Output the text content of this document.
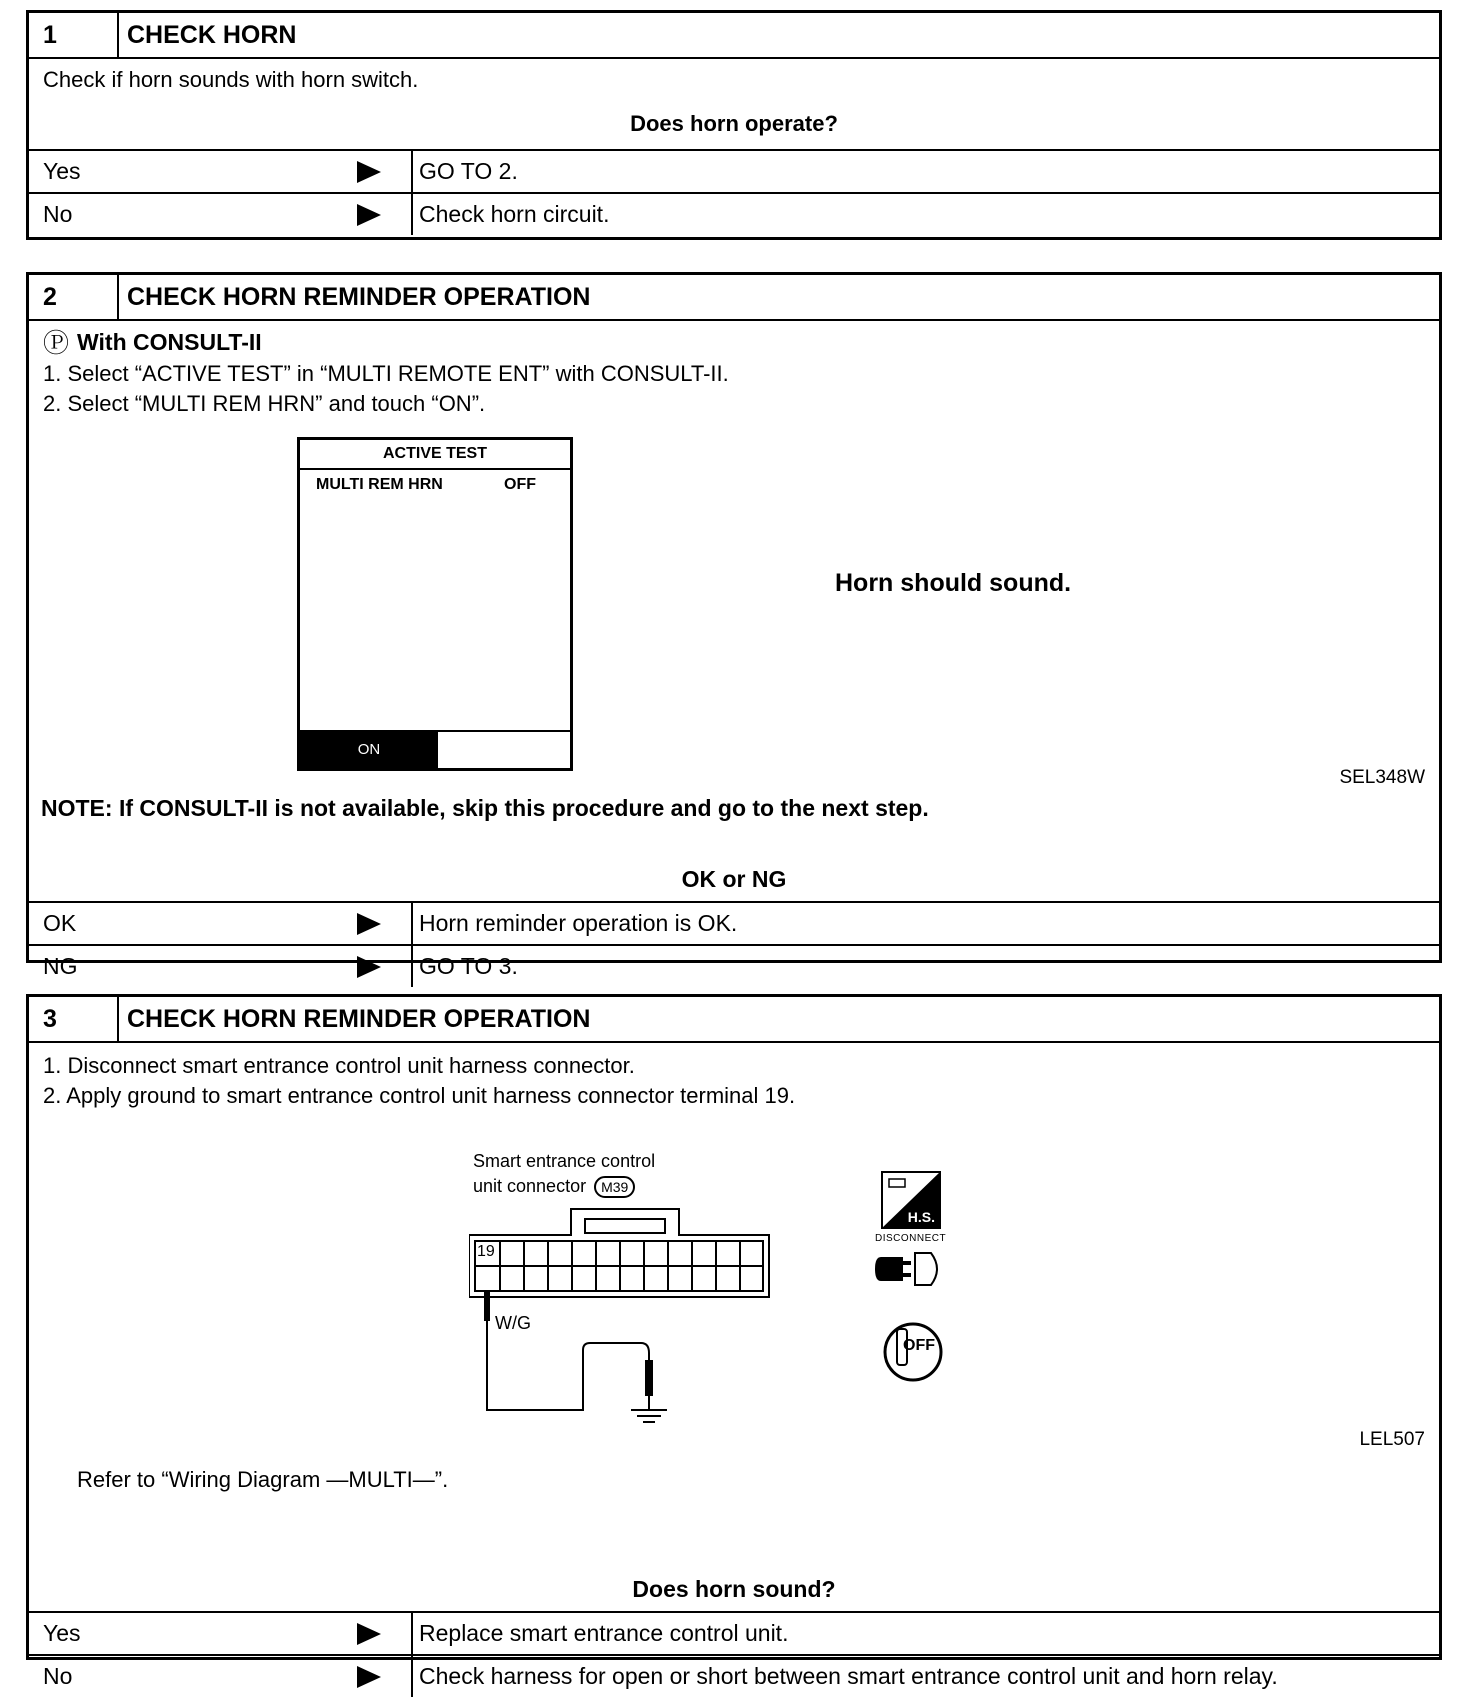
1	CHECK HORN
Check if horn sounds with horn switch.
Does horn operate?
Yes	GO TO 2.
No	Check horn circuit.
2	CHECK HORN REMINDER OPERATION
Ⓟ With CONSULT-II
1. Select “ACTIVE TEST” in “MULTI REMOTE ENT” with CONSULT-II.
2. Select “MULTI REM HRN” and touch “ON”.
ACTIVE TEST
MULTI REM HRN	OFF
ON
Horn should sound.
SEL348W
NOTE: If CONSULT-II is not available, skip this procedure and go to the next step.
OK or NG
OK	Horn reminder operation is OK.
NG	GO TO 3.
3	CHECK HORN REMINDER OPERATION
1. Disconnect smart entrance control unit harness connector.
2. Apply ground to smart entrance control unit harness connector terminal 19.
Smart entrance control
unit connector	M39
19
W/G
H.S.
DISCONNECT
OFF
LEL507
Refer to “Wiring Diagram —MULTI—”.
Does horn sound?
Yes	Replace smart entrance control unit.
No	Check harness for open or short between smart entrance control unit and horn relay.
